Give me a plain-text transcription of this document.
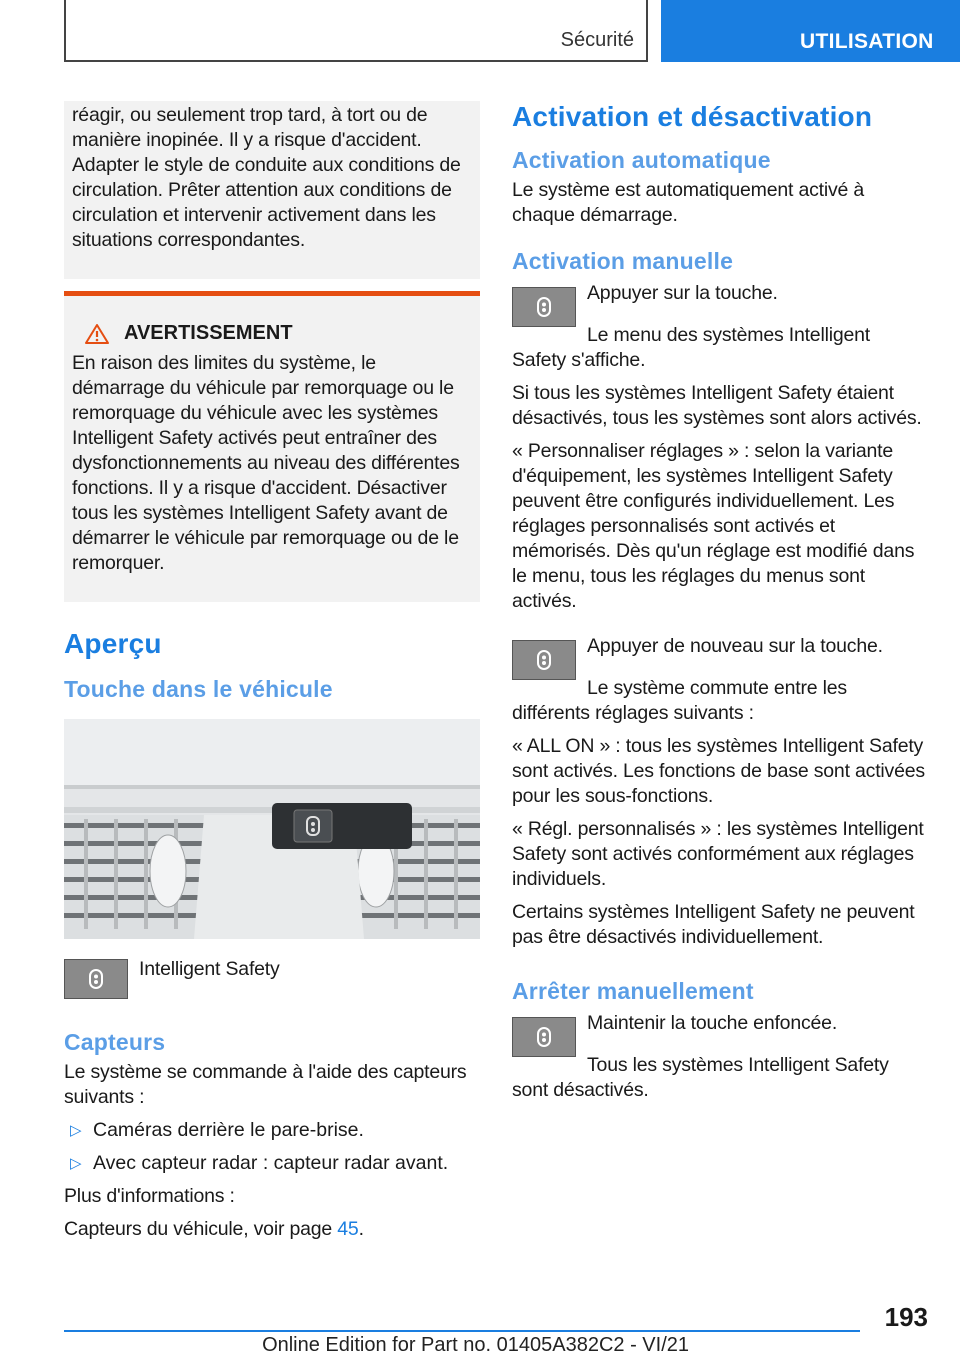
Sécurité	UTILISATION

réagir, ou seulement trop tard, à tort ou de manière inopinée. Il y a risque d'accident. Adapter le style de conduite aux conditions de circulation. Prêter attention aux conditions de circulation et intervenir activement dans les situations correspondantes.

AVERTISSEMENT

En raison des limites du système, le démarrage du véhicule par remorquage ou le remorquage du véhicule avec les systèmes Intelligent Safety activés peut entraîner des dysfonctionnements au niveau des différentes fonctions. Il y a risque d'accident. Désactiver tous les systèmes Intelligent Safety avant de démarrer le véhicule par remorquage ou de le remorquer.

Aperçu
Touche dans le véhicule

Intelligent Safety

Capteurs

Le système se commande à l'aide des capteurs suivants :

▷ Caméras derrière le pare-brise.
▷ Avec capteur radar : capteur radar avant.

Plus d'informations :

Capteurs du véhicule, voir page 45.

Activation et désactivation
Activation automatique

Le système est automatiquement activé à chaque démarrage.

Activation manuelle

Appuyer sur la touche.

Le menu des systèmes Intelligent Safety s'affiche.

Si tous les systèmes Intelligent Safety étaient désactivés, tous les systèmes sont alors activés.

« Personnaliser réglages » : selon la variante d'équipement, les systèmes Intelligent Safety peuvent être configurés individuellement. Les réglages personnalisés sont activés et mémorisés. Dès qu'un réglage est modifié dans le menu, tous les réglages du menus sont activés.

Appuyer de nouveau sur la touche.

Le système commute entre les différents réglages suivants :

« ALL ON » : tous les systèmes Intelligent Safety sont activés. Les fonctions de base sont activées pour les sous-fonctions.

« Régl. personnalisés » : les systèmes Intelligent Safety sont activés conformément aux réglages individuels.

Certains systèmes Intelligent Safety ne peuvent pas être désactivés individuellement.

Arrêter manuellement

Maintenir la touche enfoncée.

Tous les systèmes Intelligent Safety sont désactivés.

193
Online Edition for Part no. 01405A382C2 - VI/21
